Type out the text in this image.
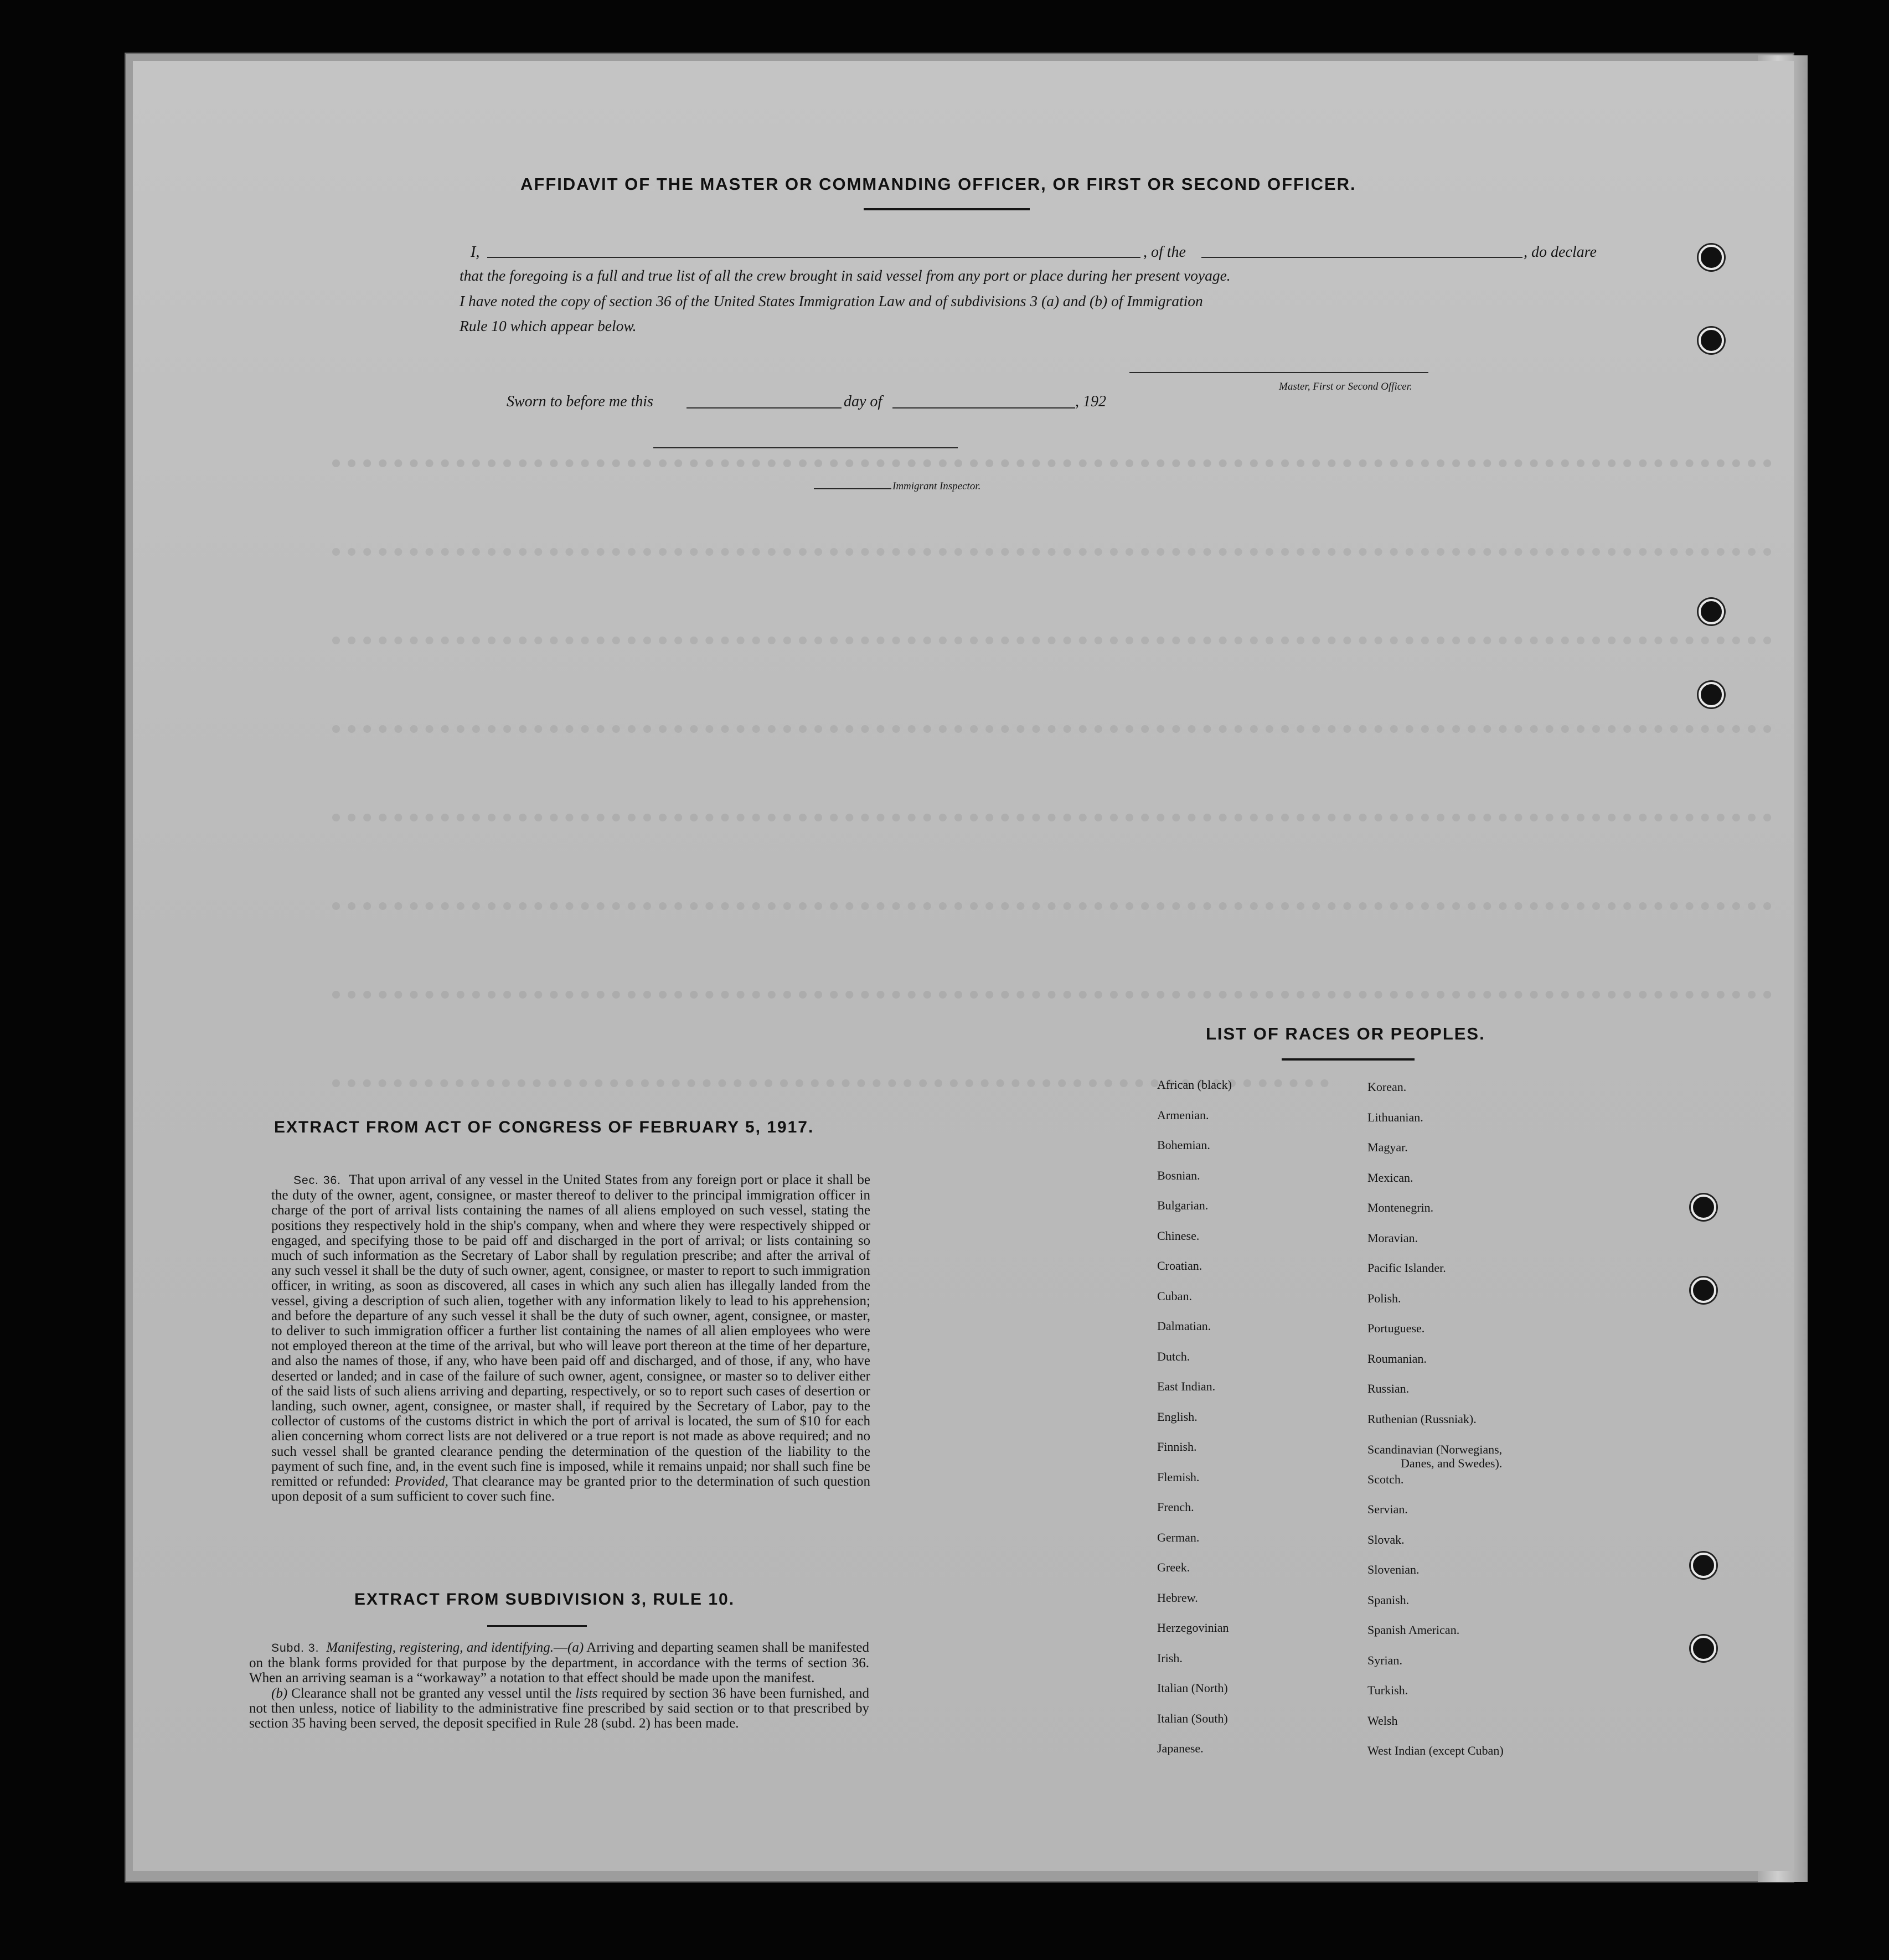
AFFIDAVIT OF THE MASTER OR COMMANDING OFFICER, OR FIRST OR SECOND OFFICER.
I,	, of the	, do declare
that the foregoing is a full and true list of all the crew brought in said vessel from any port or place during her present voyage.
I have noted the copy of section 36 of the United States Immigration Law and of subdivisions 3 (a) and (b) of Immigration
Rule 10 which appear below.
Master, First or Second Officer.
Sworn to before me this	day of	, 192
Immigrant Inspector.
EXTRACT FROM ACT OF CONGRESS OF FEBRUARY 5, 1917.

Sec. 36. That upon arrival of any vessel in the United States from any foreign port or place it shall be the duty of the owner, agent, consignee, or master thereof to deliver to the principal immigration officer in charge of the port of arrival lists containing the names of all aliens employed on such vessel, stating the positions they respectively hold in the ship's company, when and where they were respectively shipped or engaged, and specifying those to be paid off and discharged in the port of arrival; or lists containing so much of such information as the Secretary of Labor shall by regulation prescribe; and after the arrival of any such vessel it shall be the duty of such owner, agent, consignee, or master to report to such immigration officer, in writing, as soon as discovered, all cases in which any such alien has illegally landed from the vessel, giving a description of such alien, together with any information likely to lead to his apprehension; and before the departure of any such vessel it shall be the duty of such owner, agent, consignee, or master, to deliver to such immigration officer a further list containing the names of all alien employees who were not employed thereon at the time of the arrival, but who will leave port thereon at the time of her departure, and also the names of those, if any, who have been paid off and discharged, and of those, if any, who have deserted or landed; and in case of the failure of such owner, agent, consignee, or master so to deliver either of the said lists of such aliens arriving and departing, respectively, or so to report such cases of desertion or landing, such owner, agent, consignee, or master shall, if required by the Secretary of Labor, pay to the collector of customs of the customs district in which the port of arrival is located, the sum of $10 for each alien concerning whom correct lists are not delivered or a true report is not made as above required; and no such vessel shall be granted clearance pending the determination of the question of the liability to the payment of such fine, and, in the event such fine is imposed, while it remains unpaid; nor shall such fine be remitted or refunded: Provided, That clearance may be granted prior to the determination of such question upon deposit of a sum sufficient to cover such fine.

EXTRACT FROM SUBDIVISION 3, RULE 10.

Subd. 3. Manifesting, registering, and identifying.—(a) Arriving and departing seamen shall be manifested on the blank forms provided for that purpose by the department, in accordance with the terms of section 36. When an arriving seaman is a “workaway” a notation to that effect should be made upon the manifest.

(b) Clearance shall not be granted any vessel until the lists required by section 36 have been furnished, and not then unless, notice of liability to the administrative fine prescribed by said section or to that prescribed by section 35 having been served, the deposit specified in Rule 28 (subd. 2) has been made.

LIST OF RACES OR PEOPLES.
African (black)
Armenian.
Bohemian.
Bosnian.
Bulgarian.
Chinese.
Croatian.
Cuban.
Dalmatian.
Dutch.
East Indian.
English.
Finnish.
Flemish.
French.
German.
Greek.
Hebrew.
Herzegovinian
Irish.
Italian (North)
Italian (South)
Japanese.
Korean.
Lithuanian.
Magyar.
Mexican.
Montenegrin.
Moravian.
Pacific Islander.
Polish.
Portuguese.
Roumanian.
Russian.
Ruthenian (Russniak).
Scandinavian (Norwegians,
Danes, and Swedes).
Scotch.
Servian.
Slovak.
Slovenian.
Spanish.
Spanish American.
Syrian.
Turkish.
Welsh
West Indian (except Cuban)
